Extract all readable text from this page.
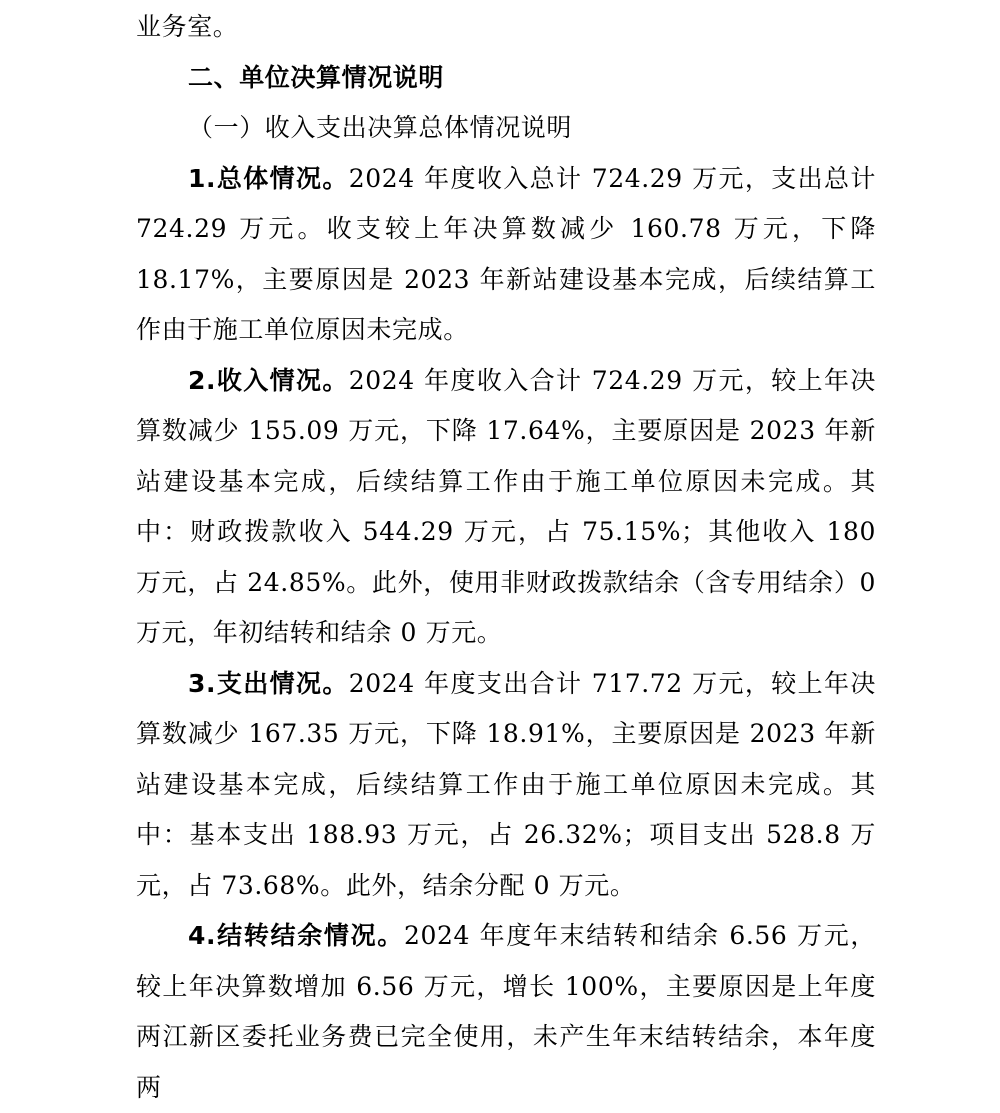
业务室。

二、单位决算情况说明

（一）收入支出决算总体情况说明

1.总体情况。2024 年度收入总计 724.29 万元，支出总计 724.29 万元。收支较上年决算数减少 160.78 万元，下降 18.17%，主要原因是 2023 年新站建设基本完成，后续结算工作由于施工单位原因未完成。

2.收入情况。2024 年度收入合计 724.29 万元，较上年决算数减少 155.09 万元，下降 17.64%，主要原因是 2023 年新站建设基本完成，后续结算工作由于施工单位原因未完成。其中：财政拨款收入 544.29 万元，占 75.15%；其他收入 180 万元，占 24.85%。此外，使用非财政拨款结余（含专用结余）0 万元，年初结转和结余 0 万元。

3.支出情况。2024 年度支出合计 717.72 万元，较上年决算数减少 167.35 万元，下降 18.91%，主要原因是 2023 年新站建设基本完成，后续结算工作由于施工单位原因未完成。其中：基本支出 188.93 万元，占 26.32%；项目支出 528.8 万元，占 73.68%。此外，结余分配 0 万元。

4.结转结余情况。2024 年度年末结转和结余 6.56 万元，较上年决算数增加 6.56 万元，增长 100%，主要原因是上年度两江新区委托业务费已完全使用，未产生年末结转结余，本年度两
